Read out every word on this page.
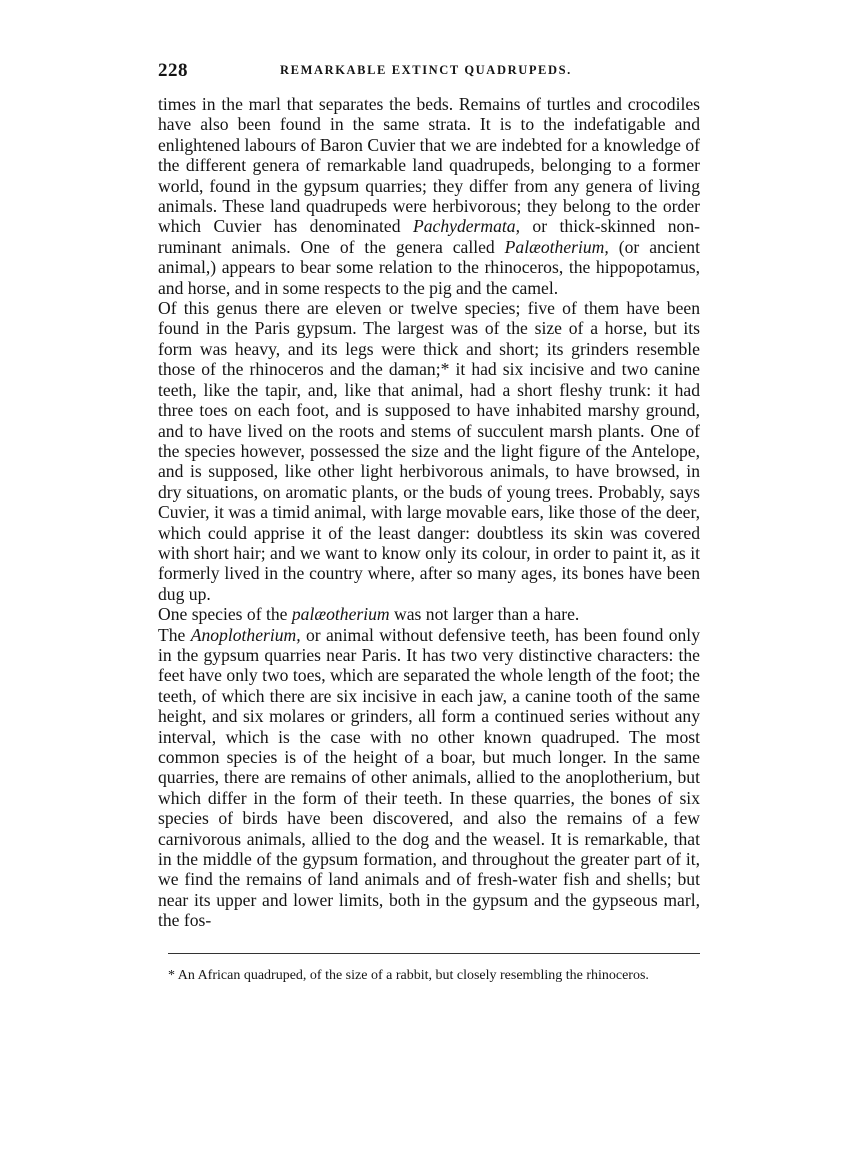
228	REMARKABLE EXTINCT QUADRUPEDS.

times in the marl that separates the beds. Remains of turtles and crocodiles have also been found in the same strata. It is to the indefatigable and enlightened labours of Baron Cuvier that we are indebted for a knowledge of the different genera of remarkable land quadrupeds, belonging to a former world, found in the gypsum quarries; they differ from any genera of living animals. These land quadrupeds were herbivorous; they belong to the order which Cuvier has denominated Pachydermata, or thick-skinned non-ruminant animals. One of the genera called Palæotherium, (or ancient animal,) appears to bear some relation to the rhinoceros, the hippopotamus, and horse, and in some respects to the pig and the camel.

Of this genus there are eleven or twelve species; five of them have been found in the Paris gypsum. The largest was of the size of a horse, but its form was heavy, and its legs were thick and short; its grinders resemble those of the rhinoceros and the daman;* it had six incisive and two canine teeth, like the tapir, and, like that animal, had a short fleshy trunk: it had three toes on each foot, and is supposed to have inhabited marshy ground, and to have lived on the roots and stems of succulent marsh plants. One of the species however, possessed the size and the light figure of the Antelope, and is supposed, like other light herbivorous animals, to have browsed, in dry situations, on aromatic plants, or the buds of young trees. Probably, says Cuvier, it was a timid animal, with large movable ears, like those of the deer, which could apprise it of the least danger: doubtless its skin was covered with short hair; and we want to know only its colour, in order to paint it, as it formerly lived in the country where, after so many ages, its bones have been dug up.

One species of the palæotherium was not larger than a hare.

The Anoplotherium, or animal without defensive teeth, has been found only in the gypsum quarries near Paris. It has two very distinctive characters: the feet have only two toes, which are separated the whole length of the foot; the teeth, of which there are six incisive in each jaw, a canine tooth of the same height, and six molares or grinders, all form a continued series without any interval, which is the case with no other known quadruped. The most common species is of the height of a boar, but much longer. In the same quarries, there are remains of other animals, allied to the anoplotherium, but which differ in the form of their teeth. In these quarries, the bones of six species of birds have been discovered, and also the remains of a few carnivorous animals, allied to the dog and the weasel. It is remarkable, that in the middle of the gypsum formation, and throughout the greater part of it, we find the remains of land animals and of fresh-water fish and shells; but near its upper and lower limits, both in the gypsum and the gypseous marl, the fos-

* An African quadruped, of the size of a rabbit, but closely resembling the rhinoceros.
